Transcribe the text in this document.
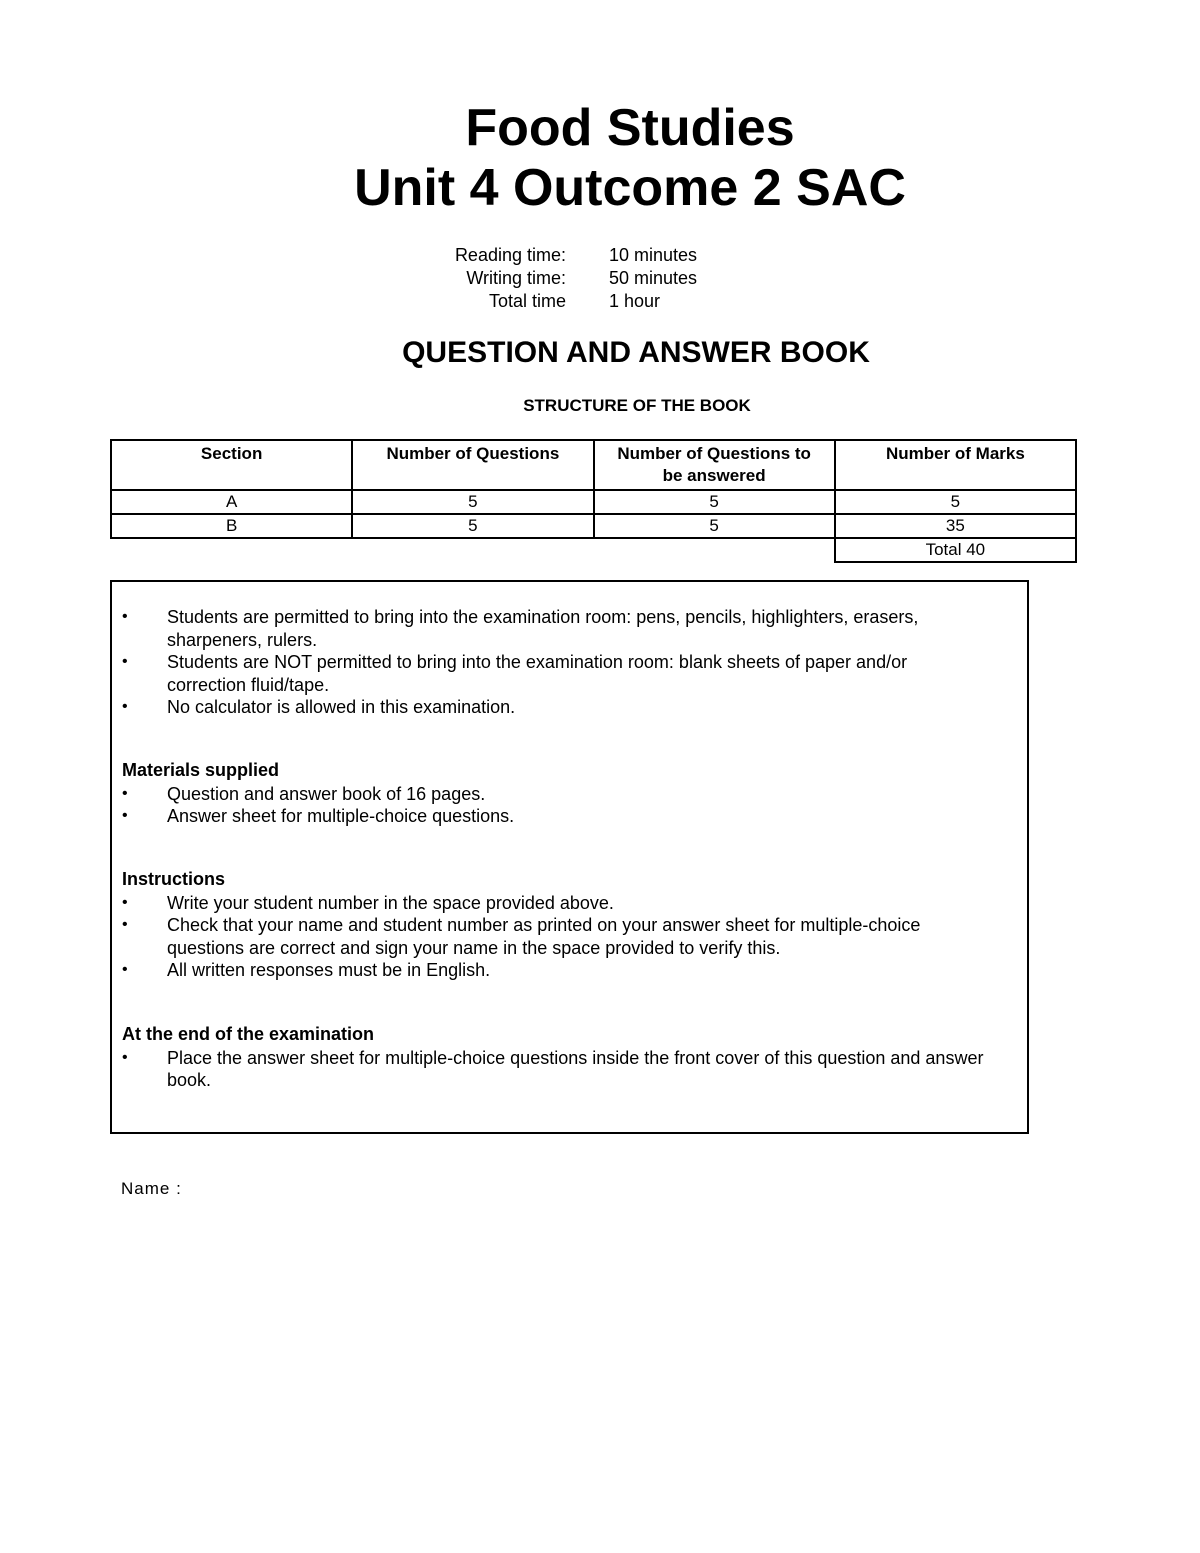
Food Studies
Unit 4 Outcome 2 SAC
Reading time: 10 minutes
Writing time: 50 minutes
Total time 1 hour
QUESTION AND ANSWER BOOK
STRUCTURE OF THE BOOK
Section	Number of Questions	Number of Questions to be answered	Number of Marks
A	5	5	5
B	5	5	35
			Total 40
• Students are permitted to bring into the examination room: pens, pencils, highlighters, erasers, sharpeners, rulers.
• Students are NOT permitted to bring into the examination room: blank sheets of paper and/or correction fluid/tape.
• No calculator is allowed in this examination.
Materials supplied
• Question and answer book of 16 pages.
• Answer sheet for multiple-choice questions.
Instructions
• Write your student number in the space provided above.
• Check that your name and student number as printed on your answer sheet for multiple-choice questions are correct and sign your name in the space provided to verify this.
• All written responses must be in English.
At the end of the examination
• Place the answer sheet for multiple-choice questions inside the front cover of this question and answer book.
Name :
